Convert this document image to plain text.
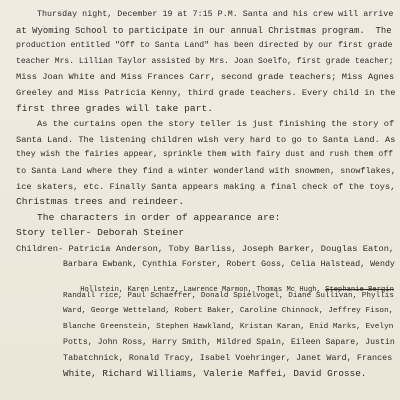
Thursday night, December 19 at 7:15 P.M. Santa and his crew will arrive
at Wyoming School to participate in our annual Christmas program.  The
production entitled "Off to Santa Land" has been directed by our first grade
teacher Mrs. Lillian Taylor assisted by Mrs. Joan Soelfo, first grade teacher;
Miss Joan White and Miss Frances Carr, second grade teachers; Miss Agnes
Greeley and Miss Patricia Kenny, third grade teachers. Every child in the
first three grades will take part.
As the curtains open the story teller is just finishing the story of
Santa Land. The listening children wish very hard to go to Santa Land. As
they wish the fairies appear, sprinkle them with fairy dust and rush them off
to Santa Land where they find a winter wonderland with snowmen, snowflakes,
ice skaters, etc. Finally Santa appears making a final check of the toys,
Christmas trees and reindeer.
The characters in order of appearance are:
Story teller- Deborah Steiner
Children- Patricia Anderson, Toby Barliss, Joseph Barker, Douglas Eaton,
Barbara Ewbank, Cynthia Forster, Robert Goss, Celia Halstead, Wendy

Hollstein, Karen Lentz, Lawrence Marmon, Thomas Mc Hugh, Stephanie Bergin

Randall rice, Paul Schaeffer, Donald Spielvogel, Diane Sullivan, Phyllis
Ward, George Wetteland, Robert Baker, Caroline Chinnock, Jeffrey Fison,
Blanche Greenstein, Stephen Hawkland, Kristan Karan, Enid Marks, Evelyn
Potts, John Ross, Harry Smith, Mildred Spain, Eileen Sapare, Justin
Tabatchnick, Ronald Tracy, Isabel Voehringer, Janet Ward, Frances
White, Richard Williams, Valerie Maffei, David Grosse.
